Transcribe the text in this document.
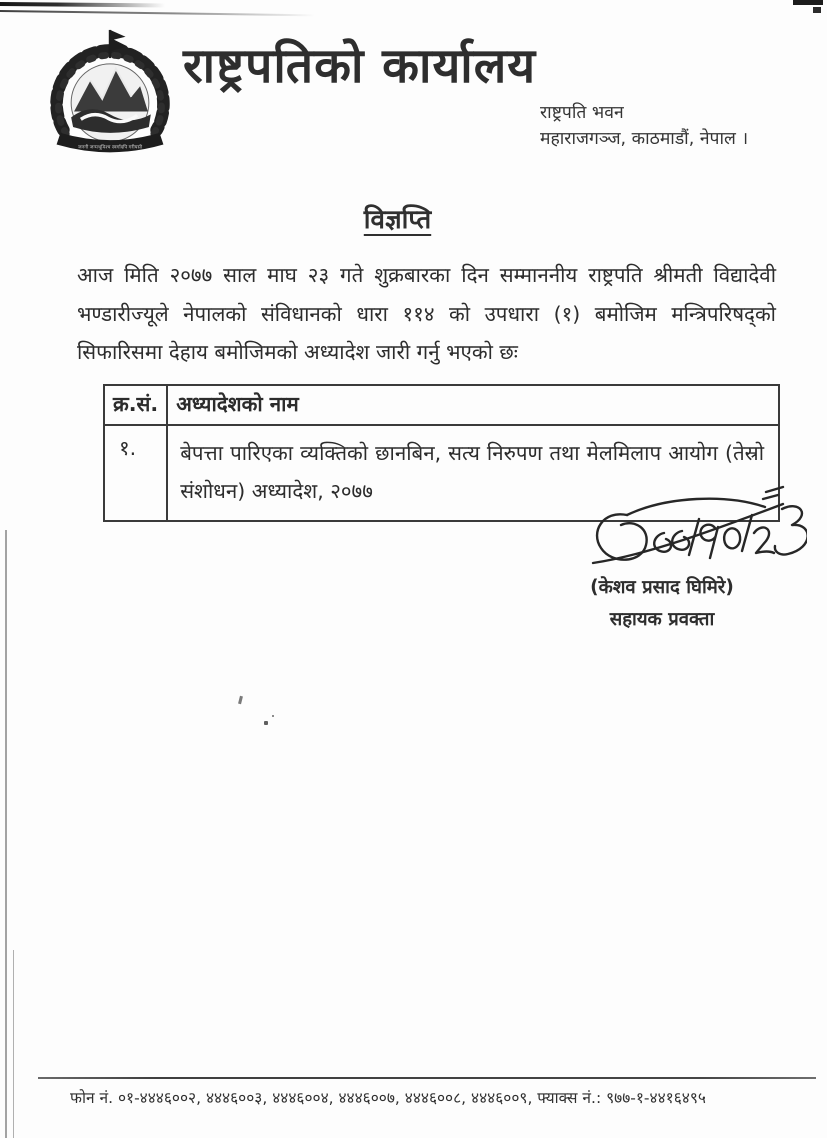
जननी जन्मभूमिश्च स्वर्गादपि गरीयसी
राष्ट्रपतिको कार्यालय
राष्ट्रपति भवन
महाराजगञ्ज, काठमाडौं, नेपाल ।
विज्ञप्ति
आज मिति २०७७ साल माघ २३ गते शुक्रबारका दिन सम्माननीय राष्ट्रपति श्रीमती विद्यादेवी
भण्डारीज्यूले नेपालको संविधानको धारा ११४ को उपधारा (१) बमोजिम मन्त्रिपरिषद्को
सिफारिसमा देहाय बमोजिमको अध्यादेश जारी गर्नु भएको छः
क्र.सं.	अध्यादेशको नाम
१.	बेपत्ता पारिएका व्यक्तिको छानबिन, सत्य निरुपण तथा मेलमिलाप आयोग (तेस्रो संशोधन) अध्यादेश, २०७७
(केशव प्रसाद घिमिरे)
सहायक प्रवक्ता
फोन नं. ०१-४४४६००२, ४४४६००३, ४४४६००४, ४४४६००७, ४४४६००८, ४४४६००९, फ्याक्स नं.: ९७७-१-४४१६४९५
